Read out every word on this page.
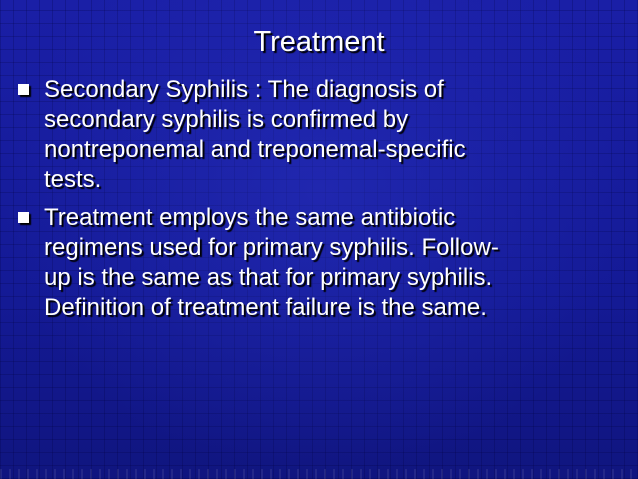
Treatment
Secondary Syphilis : The diagnosis of
secondary syphilis is confirmed by
nontreponemal and treponemal-specific
tests.
Treatment employs the same antibiotic
regimens used for primary syphilis. Follow-
up is the same as that for primary syphilis.
Definition of treatment failure is the same.
